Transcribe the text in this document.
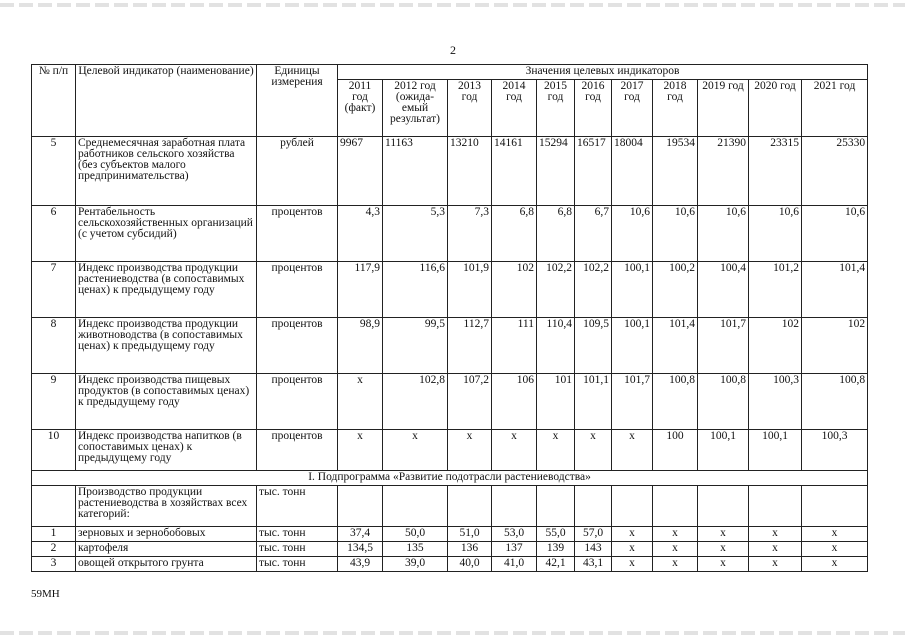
2
№ п/п	Целевой индикатор (наименование)	Единицы измерения	Значения целевых индикаторов										
			2011 год (факт)	2012 год (ожида-емый результат)	2013 год	2014 год	2015 год	2016 год	2017 год	2018 год	2019 год	2020 год	2021 год
5	Среднемесячная заработная плата работников сельского хозяйства (без субъектов малого предпринимательства)	рублей	9967	11163	13210	14161	15294	16517	18004	19534	21390	23315	25330
6	Рентабельность сельскохозяйственных организаций (с учетом субсидий)	процентов	4,3	5,3	7,3	6,8	6,8	6,7	10,6	10,6	10,6	10,6	10,6
7	Индекс производства продукции растениеводства (в сопоставимых ценах) к предыдущему году	процентов	117,9	116,6	101,9	102	102,2	102,2	100,1	100,2	100,4	101,2	101,4
8	Индекс производства продукции животноводства (в сопоставимых ценах) к предыдущему году	процентов	98,9	99,5	112,7	111	110,4	109,5	100,1	101,4	101,7	102	102
9	Индекс производства пищевых продуктов (в сопоставимых ценах) к предыдущему году	процентов	x	102,8	107,2	106	101	101,1	101,7	100,8	100,8	100,3	100,8
10	Индекс производства напитков (в сопоставимых ценах) к предыдущему году	процентов	x	x	x	x	x	x	x	100	100,1	100,1	100,3
I. Подпрограмма «Развитие подотрасли растениеводства»													
	Производство продукции растениеводства в хозяйствах всех категорий:	тыс. тонн											
1	зерновых и зернобобовых	тыс. тонн	37,4	50,0	51,0	53,0	55,0	57,0	x	x	x	x	x
2	картофеля	тыс. тонн	134,5	135	136	137	139	143	x	x	x	x	x
3	овощей открытого грунта	тыс. тонн	43,9	39,0	40,0	41,0	42,1	43,1	x	x	x	x	x
59МН
